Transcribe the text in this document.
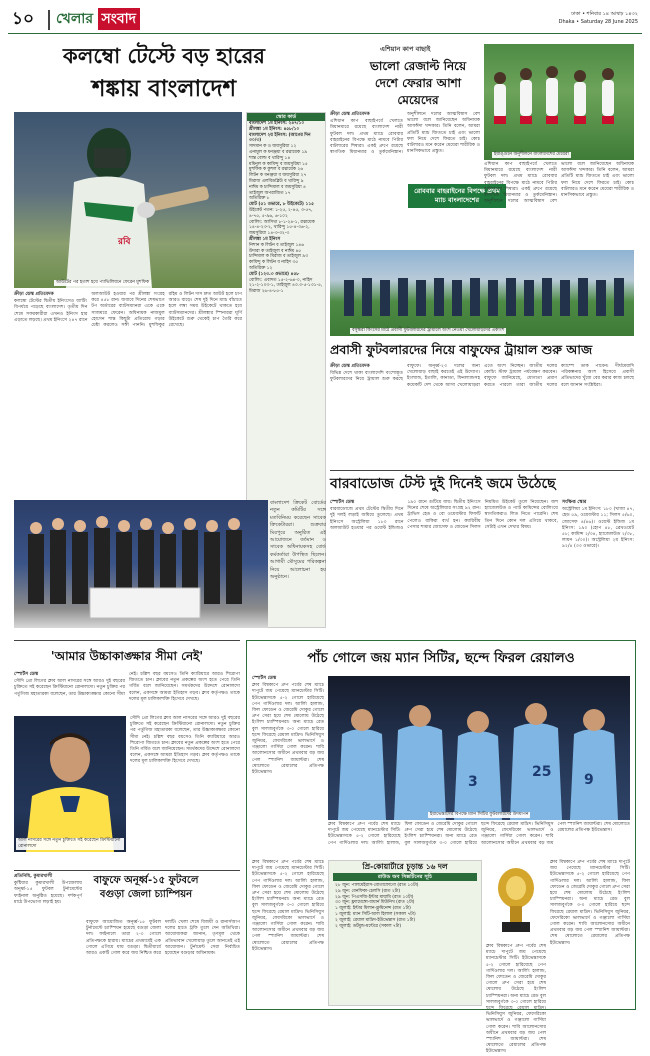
১০ খেলার সংবাদ	ঢাকা • শনিবার ১৪ আষাঢ় ১৪৩২
Dhaka • Saturday 28 June 2025
কলম্বো টেস্টে বড় হারের
শঙ্কায় বাংলাদেশ
রবি
আউটের পর হতাশ হয়ে প্যাভিলিয়নে ফেরেন মুশফিক

ক্রীড়া ডেস্ক প্রতিবেদক

কলম্বো টেস্টের দ্বিতীয় ইনিংসেও ব্যাটিং বিপর্যয়ে পড়েছে বাংলাদেশ। তৃতীয় দিন শেষে সফরকারীরা এখনও ইনিংস হার এড়াতে লড়ছে। প্রথম ইনিংসে ২৪৭ রানে অলআউট হওয়ার পর শ্রীলঙ্কা সংগ্রহ করে ৪৫৮ রান। জবাবে দিনের শেষভাগে টপ অর্ডারের ব্যাটসম্যানরা একে একে সাজঘরে ফেরেন। অধিনায়ক নাজমুল হোসেন শান্ত কিছুটা প্রতিরোধ গড়ার চেষ্টা করলেও সঙ্গী পাননি। মুশফিকুর রহিম ও লিটন দাস দ্রুত আউট হলে চাপ আরও বাড়ে। শেষ দুই দিনে ম্যাচ বাঁচাতে হলে লম্বা সময় উইকেটে থাকতে হবে ব্যাটসম্যানদের। শ্রীলঙ্কার স্পিনাররা ঘূর্ণি উইকেটে শুরু থেকেই চাপ তৈরি করে রেখেছে।

স্কোর কার্ড
বাংলাদেশ ১ম ইনিংস: ২৪৭/১০
শ্রীলঙ্কা ১ম ইনিংস: ৪৫৮/১০
বাংলাদেশ ২য় ইনিংস: (আগের দিন ৩০/৩)
সাদমান ক ও জয়সুরিয়া ১২
এনামুল ক ধনঞ্জয়া ব রত্নায়েক ১৯
শান্ত বোল্ড ব থারিন্দু ১৪
মমিনুল ক কামিন্দু ব জয়সুরিয়া ১৫
মুশফিক ক কুশল ব রত্নায়েক ২৬
লিটন ক ধনঞ্জয়া ব জয়সুরিয়া ২৭
মিরাজ এলবিডব্লিউ ব থারিন্দু ৯
নাঈম ক চান্দিমাল ব জয়সুরিয়া ৪
তাইজুল অপরাজিত ১৭
অতিরিক্ত ৮
মোট (৫১ ওভারে, ৮ উইকেটে) ১১৫
উইকেট পতন: ১-২৫, ২-৪৫, ৩-৫৭, ৪-৭৫, ৫-৯৬, ৬-১০২
বোলিং: আসিথা ৮-১-২৪-১, রত্নায়েক ১৪-৪-২৩-২, থারিন্দু ১৫-৪-৩৬-২, জয়সুরিয়া ১৪-৩-৩২-৩
শ্রীলঙ্কা ১ম ইনিংস
নিশান ক লিটন ব তাইজুল ১৪৬
উদারা ক তাইজুল ব নাঈম ৪৫
চান্দিমাল ক মিরাজ ব তাইজুল ৯৩
কামিন্দু ক লিটন ব নাহিদ ৩৫
অতিরিক্ত ১২
মোট (১২৩.৩ ওভারে) ৪৫৮
বোলিং: এবাদত ১৫-২-৬৪-০, নাহিদ ২১-২-১০৩-১, তাইজুল ৪৩.৩-৫-১৩১-৫, মিরাজ ২৬-৪-৮৫-১
এশিয়ান কাপ বাছাই
ভালো রেজাল্ট নিয়ে দেশে ফেরার আশা মেয়েদের
ইয়াঙ্গুনে অনুশীলনে বাংলাদেশের মেয়েরা

ক্রীড়া ডেস্ক প্রতিবেদক

এশিয়ান কাপ বাছাইপর্বে খেলতে মিয়ানমারে রয়েছে বাংলাদেশ নারী ফুটবল দল। প্রথম ম্যাচে রোববার বাহরাইনের বিপক্ষে মাঠে নামবে পিটার বাটলারের শিষ্যরা। একই গ্রুপে রয়েছে স্বাগতিক মিয়ানমার ও তুর্কমেনিস্তান। অনুশীলনে দলের আত্মবিশ্বাস বেশ ভালো বলে জানিয়েছেন অধিনায়ক আফঈদা খন্দকার। তিনি বলেন, আমরা প্রতিটি ম্যাচ জিততে চাই এবং ভালো ফল নিয়ে দেশে ফিরতে চাই। কোচ বাটলারও মনে করেন মেয়েরা শারীরিক ও মানসিকভাবে প্রস্তুত।

রোববার বাহরাইনের বিপক্ষে প্রথম ম্যাচ বাংলাদেশের

এশিয়ান কাপ বাছাইপর্বে খেলতে মিয়ানমারে রয়েছে বাংলাদেশ নারী ফুটবল দল। প্রথম ম্যাচে রোববার বাহরাইনের বিপক্ষে মাঠে নামবে পিটার বাটলারের শিষ্যরা। একই গ্রুপে রয়েছে স্বাগতিক মিয়ানমার ও তুর্কমেনিস্তান। অনুশীলনে দলের আত্মবিশ্বাস বেশ ভালো বলে জানিয়েছেন অধিনায়ক আফঈদা খন্দকার। তিনি বলেন, আমরা প্রতিটি ম্যাচ জিততে চাই এবং ভালো ফল নিয়ে দেশে ফিরতে চাই। কোচ বাটলারও মনে করেন মেয়েরা শারীরিক ও মানসিকভাবে প্রস্তুত।

বসুন্ধরা কিংসের মাঠে প্রবাসী ফুটবলারদের ট্রায়ালে অংশ নেওয়া খেলোয়াড়দের একাংশ
প্রবাসী ফুটবলারদের নিয়ে বাফুফের ট্রায়াল শুরু আজ

ক্রীড়া ডেস্ক প্রতিবেদক

বিভিন্ন দেশে থাকা বাংলাদেশি বংশোদ্ভূত ফুটবলারদের নিয়ে ট্রায়াল শুরু করছে বাফুফে। অনূর্ধ্ব-২৩ দলের জন্য খেলোয়াড় বাছাই করতেই এই উদ্যোগ। ইংল্যান্ড, ইতালি, কানাডা, ফিনল্যান্ডসহ কয়েকটি দেশ থেকে আসা খেলোয়াড়রা এতে অংশ নিচ্ছেন। জাতীয় দলের কোচিং স্টাফ ট্রায়াল পর্যবেক্ষণ করবেন। বাফুফে জানিয়েছে, যোগ্যতা প্রমাণ করতে পারলে তারা জাতীয় দলের ক্যাম্পে ডাক পাবেন। দীর্ঘমেয়াদি পরিকল্পনার অংশ হিসেবে প্রবাসী প্রতিভাদের খুঁজে বের করার কাজ চলছে বলে জানান সংশ্লিষ্টরা।

বারবাডোজ টেস্ট দুই দিনেই জমে উঠেছে

বাংলাদেশ ক্রিকেট বোর্ডের নতুন কমিটির সঙ্গে মতবিনিময় করেছেন সাবেক ক্রিকেটাররা। শুক্রবার মিরপুরে অনুষ্ঠিত এই আয়োজনে বর্তমান ও সাবেক অধিনায়কসহ বোর্ড কর্মকর্তারা উপস্থিত ছিলেন। আগামী মৌসুমের পরিকল্পনা নিয়ে আলোচনা হয় অনুষ্ঠানে।

স্পোর্টস ডেস্ক

বারবাডোজে প্রথম টেস্টের দ্বিতীয় দিনে দুই দলই লড়াই জমিয়ে তুলেছে। প্রথম ইনিংসে অস্ট্রেলিয়া ১৮০ রানে অলআউট হওয়ার পর ওয়েস্ট ইন্ডিজও ১৯০ রানে গুটিয়ে যায়। দ্বিতীয় ইনিংসে দিনের শেষে অস্ট্রেলিয়ার সংগ্রহ ৯২ রান। ট্রাভিস হেড ও বো ওয়েবস্টার ফিফটি পেলেও বাকিরা ব্যর্থ হন। ক্যারিবীয় পেসার শামার জোসেফ ও জেডেন সিলস নিয়মিত উইকেট তুলে নিয়েছেন। জশ হ্যাজেলউড ও প্যাট কামিন্সের বোলিংয়ে স্বাগতিকরাও লিড নিতে পারেনি। শেষ তিন দিনে কোন দল এগিয়ে থাকবে, সেটাই এখন দেখার বিষয়।

সংক্ষিপ্ত স্কোর

অস্ট্রেলিয়া ১ম ইনিংস: ১৮০ (খাজা ৪৭, হেড ৫৯, ওয়েবস্টার ১১; সিলস ৫/৬০, জোসেফ ৪/৪৬)। ওয়েস্ট ইন্ডিজ ১ম ইনিংস: ১৯০ (হোপ ৪৮, ব্রেথওয়েট ৫৮; কামিন্স ২/৩৪, হ্যাজেলউড ২/৩৮, লায়ন ১/৩০)। অস্ট্রেলিয়া ২য় ইনিংস: ৯২/৪ (৩৩ ওভারে)।

'আমার উচ্চাকাঙ্ক্ষার সীমা নেই'

স্পোর্টস ডেস্ক

সৌদি প্রো লিগের ক্লাব আল নাসরের সঙ্গে আরও দুই বছরের চুক্তিতে সই করেছেন ক্রিস্টিয়ানো রোনালদো। নতুন চুক্তির পর পর্তুগিজ মহাতারকা বলেছেন, তার উচ্চাকাঙ্ক্ষার কোনো সীমা নেই। চল্লিশ বছর বয়সেও তিনি ক্যারিয়ারে আরও শিরোপা জিততে চান। ক্লাবের নতুন প্রকল্পের অংশ হতে পেরে তিনি গর্বিত বলে জানিয়েছেন। সমর্থকদের উদ্দেশে রোনালদো বলেন, একসঙ্গে আমরা ইতিহাস গড়ব। ক্লাব কর্তৃপক্ষও তাকে দলের মূল চালিকাশক্তি হিসেবে দেখছে।

আল নাসরের সঙ্গে নতুন চুক্তিতে সই করেছেন ক্রিস্টিয়ানো রোনালদো

সৌদি প্রো লিগের ক্লাব আল নাসরের সঙ্গে আরও দুই বছরের চুক্তিতে সই করেছেন ক্রিস্টিয়ানো রোনালদো। নতুন চুক্তির পর পর্তুগিজ মহাতারকা বলেছেন, তার উচ্চাকাঙ্ক্ষার কোনো সীমা নেই। চল্লিশ বছর বয়সেও তিনি ক্যারিয়ারে আরও শিরোপা জিততে চান। ক্লাবের নতুন প্রকল্পের অংশ হতে পেরে তিনি গর্বিত বলে জানিয়েছেন। সমর্থকদের উদ্দেশে রোনালদো বলেন, একসঙ্গে আমরা ইতিহাস গড়ব। ক্লাব কর্তৃপক্ষও তাকে দলের মূল চালিকাশক্তি হিসেবে দেখছে।

প্রতিনিধি, কুমারখালী

কুষ্টিয়ার কুমারখালী উপজেলায় অনূর্ধ্ব-১৫ ফুটবল টুর্নামেন্টের ফাইনাল অনুষ্ঠিত হয়েছে। দর্শকপূর্ণ মাঠে উপভোগ্য লড়াই হয়।

বাফুফে অনূর্ধ্ব-১৫ ফুটবলে বগুড়া জেলা চ্যাম্পিয়ন

বাফুফে আয়োজিত অনূর্ধ্ব-১৫ ফুটবল টুর্নামেন্টে চ্যাম্পিয়ন হয়েছে বগুড়া জেলা দল। ফাইনালে তারা ২-০ গোলে প্রতিপক্ষকে হারায়। ম্যাচের প্রথমার্ধেই এক গোলে এগিয়ে যায় বগুড়া। দ্বিতীয়ার্ধে আরও একটি গোল করে জয় নিশ্চিত করে দলটি। খেলা শেষে বিজয়ী ও রানার্সআপ দলের হাতে ট্রফি তুলে দেন অতিথিরা। আয়োজকরা জানান, তৃণমূল থেকে প্রতিভাবান খেলোয়াড় তুলে আনতেই এই আয়োজন। টুর্নামেন্ট সেরা নির্বাচিত হয়েছেন বগুড়ার অধিনায়ক।

পাঁচ গোলে জয় ম্যান সিটির, ছন্দে ফিরল রেয়ালও

স্পোর্টস ডেস্ক

ক্লাব বিশ্বকাপে গ্রুপ পর্বের শেষ ম্যাচে দাপুটে জয় পেয়েছে ম্যানচেস্টার সিটি। ইউভেন্তাসকে ৫-২ গোলে হারিয়েছে পেপ গার্দিওলার দল। আর্লিং হালান্ড, ফিল ফোডেন ও জেরেমি দোকুর গোলে গ্রুপ সেরা হয়ে শেষ ষোলোয় উঠেছে ইংলিশ চ্যাম্পিয়নরা। অন্য ম্যাচে রেড বুল সালজবুর্গকে ৩-০ গোলে হারিয়ে ছন্দে ফিরেছে রেয়াল মাদ্রিদ। ভিনিসিয়ুস জুনিয়র, ফেদেরিকো ভালভার্দে ও গঞ্জালো গার্সিয়া গোল করেন। শাবি আলোনসোর অধীনে প্রথমবার বড় জয় পেল স্প্যানিশ জায়ান্টরা। শেষ ষোলোতে রেয়ালের প্রতিপক্ষ ইউভেন্তাস।

3
25 9
ইয়াভেন্তাসের বিপক্ষে ম্যান সিটির ফুটবলারদের উদযাপন

ক্লাব বিশ্বকাপে গ্রুপ পর্বের শেষ ম্যাচে দাপুটে জয় পেয়েছে ম্যানচেস্টার সিটি। ইউভেন্তাসকে ৫-২ গোলে হারিয়েছে পেপ গার্দিওলার দল। আর্লিং হালান্ড, ফিল ফোডেন ও জেরেমি দোকুর গোলে গ্রুপ সেরা হয়ে শেষ ষোলোয় উঠেছে ইংলিশ চ্যাম্পিয়নরা। অন্য ম্যাচে রেড বুল সালজবুর্গকে ৩-০ গোলে হারিয়ে ছন্দে ফিরেছে রেয়াল মাদ্রিদ। ভিনিসিয়ুস জুনিয়র, ফেদেরিকো ভালভার্দে ও গঞ্জালো গার্সিয়া গোল করেন। শাবি আলোনসোর অধীনে প্রথমবার বড় জয় পেল স্প্যানিশ জায়ান্টরা। শেষ ষোলোতে রেয়ালের প্রতিপক্ষ ইউভেন্তাস।

ক্লাব বিশ্বকাপে গ্রুপ পর্বের শেষ ম্যাচে দাপুটে জয় পেয়েছে ম্যানচেস্টার সিটি। ইউভেন্তাসকে ৫-২ গোলে হারিয়েছে পেপ গার্দিওলার দল। আর্লিং হালান্ড, ফিল ফোডেন ও জেরেমি দোকুর গোলে গ্রুপ সেরা হয়ে শেষ ষোলোয় উঠেছে ইংলিশ চ্যাম্পিয়নরা। অন্য ম্যাচে রেড বুল সালজবুর্গকে ৩-০ গোলে হারিয়ে ছন্দে ফিরেছে রেয়াল মাদ্রিদ। ভিনিসিয়ুস জুনিয়র, ফেদেরিকো ভালভার্দে ও গঞ্জালো গার্সিয়া গোল করেন। শাবি আলোনসোর অধীনে প্রথমবার বড় জয় পেল স্প্যানিশ জায়ান্টরা। শেষ ষোলোতে রেয়ালের প্রতিপক্ষ ইউভেন্তাস।

প্রি-কোয়ার্টারে চূড়ান্ত ১৬ দল
রাউন্ড অব সিক্সটিনের সূচি
২৮ জুন: পালমেইরাস-বোতাফোগো (রাত ১০টা)
২৯ জুন: বেনফিকা-চেলসি (রাত ২টা)
২৯ জুন: পিএসজি-ইন্টার মায়ামি (রাত ১০টা)
৩০ জুন: ফ্ল্যামেঙ্গো-বায়ার্ন মিউনিখ (রাত ২টা)
১ জুলাই: ইন্টার মিলান-ফ্লুমিনেন্স (রাত ১টা)
১ জুলাই: ম্যান সিটি-আল হিলাল (সকাল ৭টা)
২ জুলাই: রেয়াল মাদ্রিদ-ইউভেন্তাস (রাত ১টা)
২ জুলাই: ডর্টমুন্ড-মন্টেরে (সকাল ৭টা)

ক্লাব বিশ্বকাপে গ্রুপ পর্বের শেষ ম্যাচে দাপুটে জয় পেয়েছে ম্যানচেস্টার সিটি। ইউভেন্তাসকে ৫-২ গোলে হারিয়েছে পেপ গার্দিওলার দল। আর্লিং হালান্ড, ফিল ফোডেন ও জেরেমি দোকুর গোলে গ্রুপ সেরা হয়ে শেষ ষোলোয় উঠেছে ইংলিশ চ্যাম্পিয়নরা। অন্য ম্যাচে রেড বুল সালজবুর্গকে ৩-০ গোলে হারিয়ে ছন্দে ফিরেছে রেয়াল মাদ্রিদ। ভিনিসিয়ুস জুনিয়র, ফেদেরিকো ভালভার্দে ও গঞ্জালো গার্সিয়া গোল করেন। শাবি আলোনসোর অধীনে প্রথমবার বড় জয় পেল স্প্যানিশ জায়ান্টরা। শেষ ষোলোতে রেয়ালের প্রতিপক্ষ ইউভেন্তাস।

ক্লাব বিশ্বকাপে গ্রুপ পর্বের শেষ ম্যাচে দাপুটে জয় পেয়েছে ম্যানচেস্টার সিটি। ইউভেন্তাসকে ৫-২ গোলে হারিয়েছে পেপ গার্দিওলার দল। আর্লিং হালান্ড, ফিল ফোডেন ও জেরেমি দোকুর গোলে গ্রুপ সেরা হয়ে শেষ ষোলোয় উঠেছে ইংলিশ চ্যাম্পিয়নরা। অন্য ম্যাচে রেড বুল সালজবুর্গকে ৩-০ গোলে হারিয়ে ছন্দে ফিরেছে রেয়াল মাদ্রিদ। ভিনিসিয়ুস জুনিয়র, ফেদেরিকো ভালভার্দে ও গঞ্জালো গার্সিয়া গোল করেন। শাবি আলোনসোর অধীনে প্রথমবার বড় জয় পেল স্প্যানিশ জায়ান্টরা। শেষ ষোলোতে রেয়ালের প্রতিপক্ষ ইউভেন্তাস।
